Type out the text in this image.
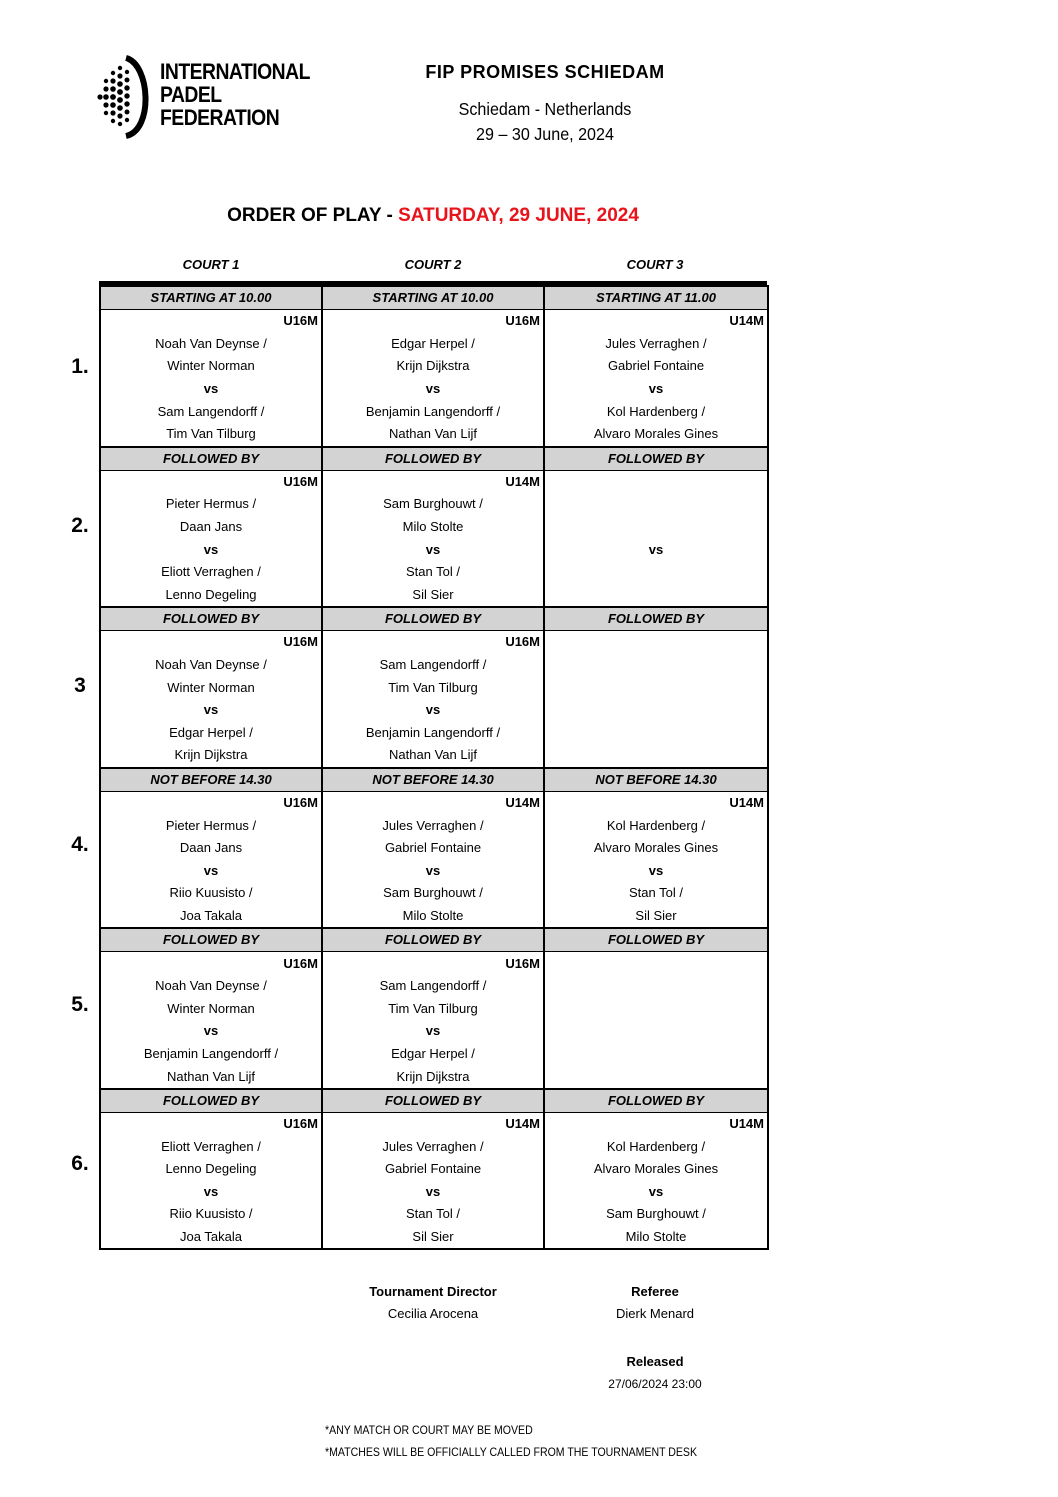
INTERNATIONAL
PADEL
FEDERATION
FIP PROMISES SCHIEDAM
Schiedam - Netherlands
29 – 30 June, 2024
ORDER OF PLAY - SATURDAY, 29 JUNE, 2024
COURT 1	COURT 2	COURT 3
STARTING AT 10.00	STARTING AT 10.00	STARTING AT 11.00
U16M	U16M	U14M
Noah Van Deynse /	Edgar Herpel /	Jules Verraghen /
Winter Norman	Krijn Dijkstra	Gabriel Fontaine
vs	vs	vs
Sam Langendorff /	Benjamin Langendorff /	Kol Hardenberg /
Tim Van Tilburg	Nathan Van Lijf	Alvaro Morales Gines
FOLLOWED BY	FOLLOWED BY	FOLLOWED BY
U16M	U14M	
Pieter Hermus /	Sam Burghouwt /	
Daan Jans	Milo Stolte	
vs	vs	vs
Eliott Verraghen /	Stan Tol /	
Lenno Degeling	Sil Sier	
FOLLOWED BY	FOLLOWED BY	FOLLOWED BY
U16M	U16M	
Noah Van Deynse /	Sam Langendorff /	
Winter Norman	Tim Van Tilburg	
vs	vs	
Edgar Herpel /	Benjamin Langendorff /	
Krijn Dijkstra	Nathan Van Lijf	
NOT BEFORE 14.30	NOT BEFORE 14.30	NOT BEFORE 14.30
U16M	U14M	U14M
Pieter Hermus /	Jules Verraghen /	Kol Hardenberg /
Daan Jans	Gabriel Fontaine	Alvaro Morales Gines
vs	vs	vs
Riio Kuusisto /	Sam Burghouwt /	Stan Tol /
Joa Takala	Milo Stolte	Sil Sier
FOLLOWED BY	FOLLOWED BY	FOLLOWED BY
U16M	U16M	
Noah Van Deynse /	Sam Langendorff /	
Winter Norman	Tim Van Tilburg	
vs	vs	
Benjamin Langendorff /	Edgar Herpel /	
Nathan Van Lijf	Krijn Dijkstra	
FOLLOWED BY	FOLLOWED BY	FOLLOWED BY
U16M	U14M	U14M
Eliott Verraghen /	Jules Verraghen /	Kol Hardenberg /
Lenno Degeling	Gabriel Fontaine	Alvaro Morales Gines
vs	vs	vs
Riio Kuusisto /	Stan Tol /	Sam Burghouwt /
Joa Takala	Sil Sier	Milo Stolte
1.
2.
3
4.
5.
6.
Tournament Director
Cecilia Arocena
Referee
Dierk Menard
Released
27/06/2024 23:00
*ANY MATCH OR COURT MAY BE MOVED
*MATCHES WILL BE OFFICIALLY CALLED FROM THE TOURNAMENT DESK
